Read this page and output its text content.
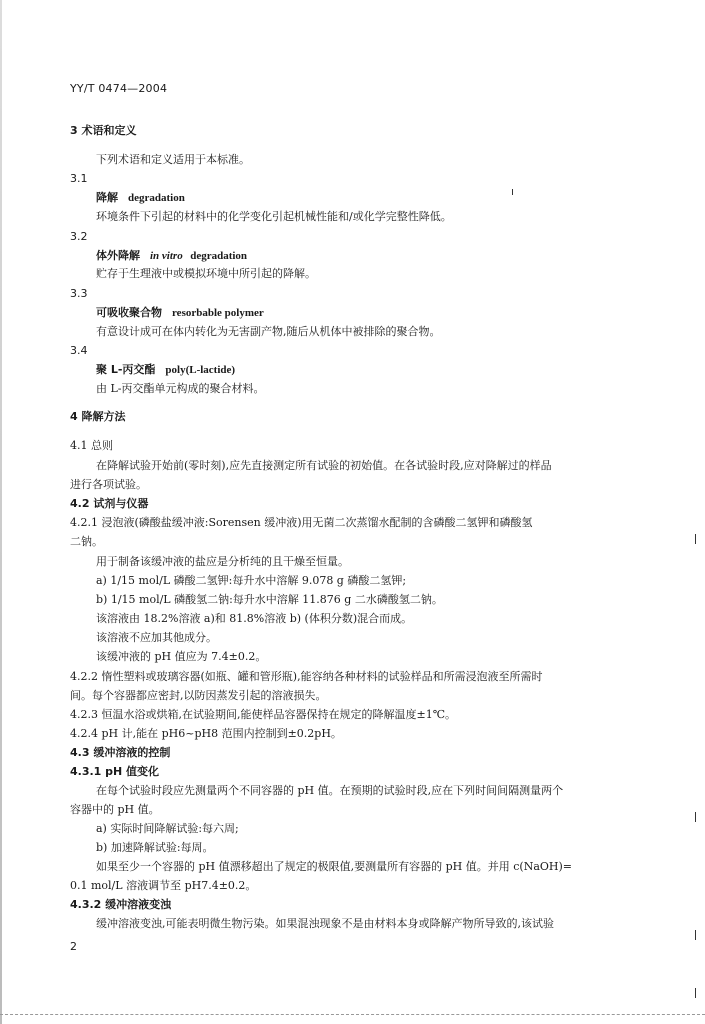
YY/T 0474—2004
3 术语和定义
下列术语和定义适用于本标准。
3.1
降解 degradation
环境条件下引起的材料中的化学变化引起机械性能和/或化学完整性降低。
3.2
体外降解 in vitro degradation
贮存于生理液中或模拟环境中所引起的降解。
3.3
可吸收聚合物 resorbable polymer
有意设计成可在体内转化为无害副产物,随后从机体中被排除的聚合物。
3.4
聚 L-丙交酯 poly(L-lactide)
由 L-丙交酯单元构成的聚合材料。
4 降解方法
4.1 总则
在降解试验开始前(零时刻),应先直接测定所有试验的初始值。在各试验时段,应对降解过的样品
进行各项试验。
4.2 试剂与仪器
4.2.1 浸泡液(磷酸盐缓冲液:Sorensen 缓冲液)用无菌二次蒸馏水配制的含磷酸二氢钾和磷酸氢
二钠。
用于制备该缓冲液的盐应是分析纯的且干燥至恒量。
a) 1/15 mol/L 磷酸二氢钾:每升水中溶解 9.078 g 磷酸二氢钾;
b) 1/15 mol/L 磷酸氢二钠:每升水中溶解 11.876 g 二水磷酸氢二钠。
该溶液由 18.2%溶液 a)和 81.8%溶液 b) (体积分数)混合而成。
该溶液不应加其他成分。
该缓冲液的 pH 值应为 7.4±0.2。
4.2.2 惰性塑料或玻璃容器(如瓶、罐和管形瓶),能容纳各种材料的试验样品和所需浸泡液至所需时
间。每个容器都应密封,以防因蒸发引起的溶液损失。
4.2.3 恒温水浴或烘箱,在试验期间,能使样品容器保持在规定的降解温度±1℃。
4.2.4 pH 计,能在 pH6~pH8 范围内控制到±0.2pH。
4.3 缓冲溶液的控制
4.3.1 pH 值变化
在每个试验时段应先测量两个不同容器的 pH 值。在预期的试验时段,应在下列时间间隔测量两个
容器中的 pH 值。
a) 实际时间降解试验:每六周;
b) 加速降解试验:每周。
如果至少一个容器的 pH 值漂移超出了规定的极限值,要测量所有容器的 pH 值。并用 c(NaOH)=
0.1 mol/L 溶液调节至 pH7.4±0.2。
4.3.2 缓冲溶液变浊
缓冲溶液变浊,可能表明微生物污染。如果混浊现象不是由材料本身或降解产物所导致的,该试验
2
